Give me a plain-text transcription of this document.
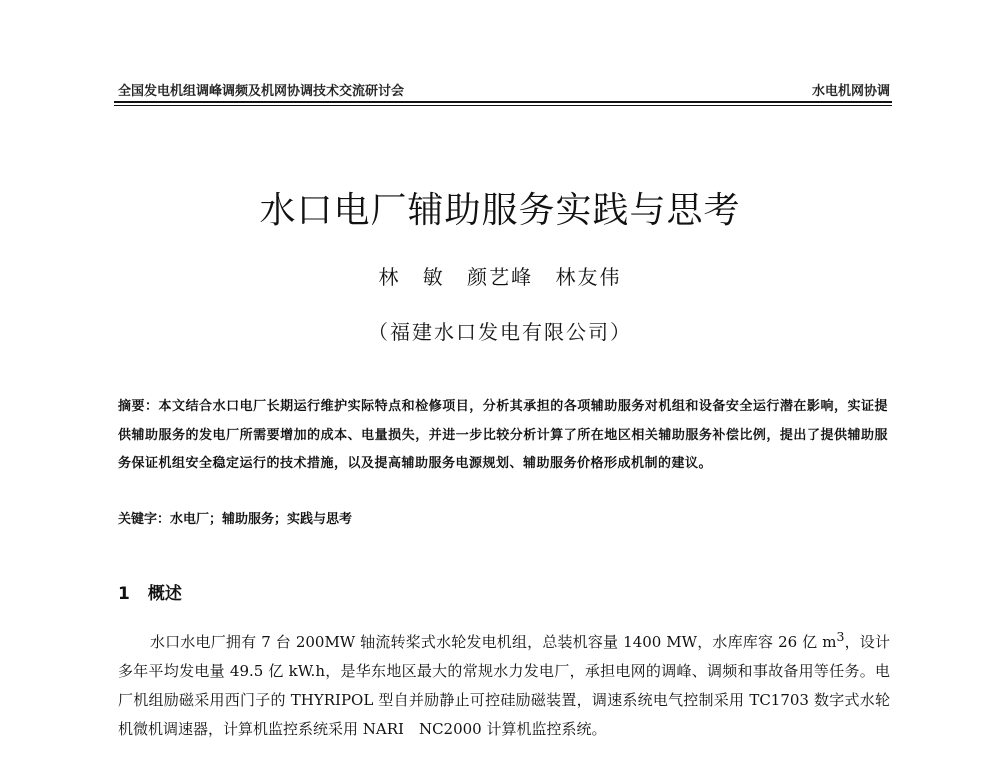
全国发电机组调峰调频及机网协调技术交流研讨会	水电机网协调
水口电厂辅助服务实践与思考
林 敏 颜艺峰 林友伟
（福建水口发电有限公司）
摘要：本文结合水口电厂长期运行维护实际特点和检修项目，分析其承担的各项辅助服务对机组和设备安全运行潜在影响，实证提供辅助服务的发电厂所需要增加的成本、电量损失，并进一步比较分析计算了所在地区相关辅助服务补偿比例，提出了提供辅助服务保证机组安全稳定运行的技术措施，以及提高辅助服务电源规划、辅助服务价格形成机制的建议。
关键字：水电厂；辅助服务；实践与思考
1 概述

水口水电厂拥有 7 台 200MW 轴流转桨式水轮发电机组，总装机容量 1400 MW，水库库容 26 亿 $m^3$，设计多年平均发电量 49.5 亿 kW.h，是华东地区最大的常规水力发电厂，承担电网的调峰、调频和事故备用等任务。电厂机组励磁采用西门子的 THYRIPOL 型自并励静止可控硅励磁装置，调速系统电气控制采用 TC1703 数字式水轮机微机调速器，计算机监控系统采用 NARI　NC2000 计算机监控系统。
